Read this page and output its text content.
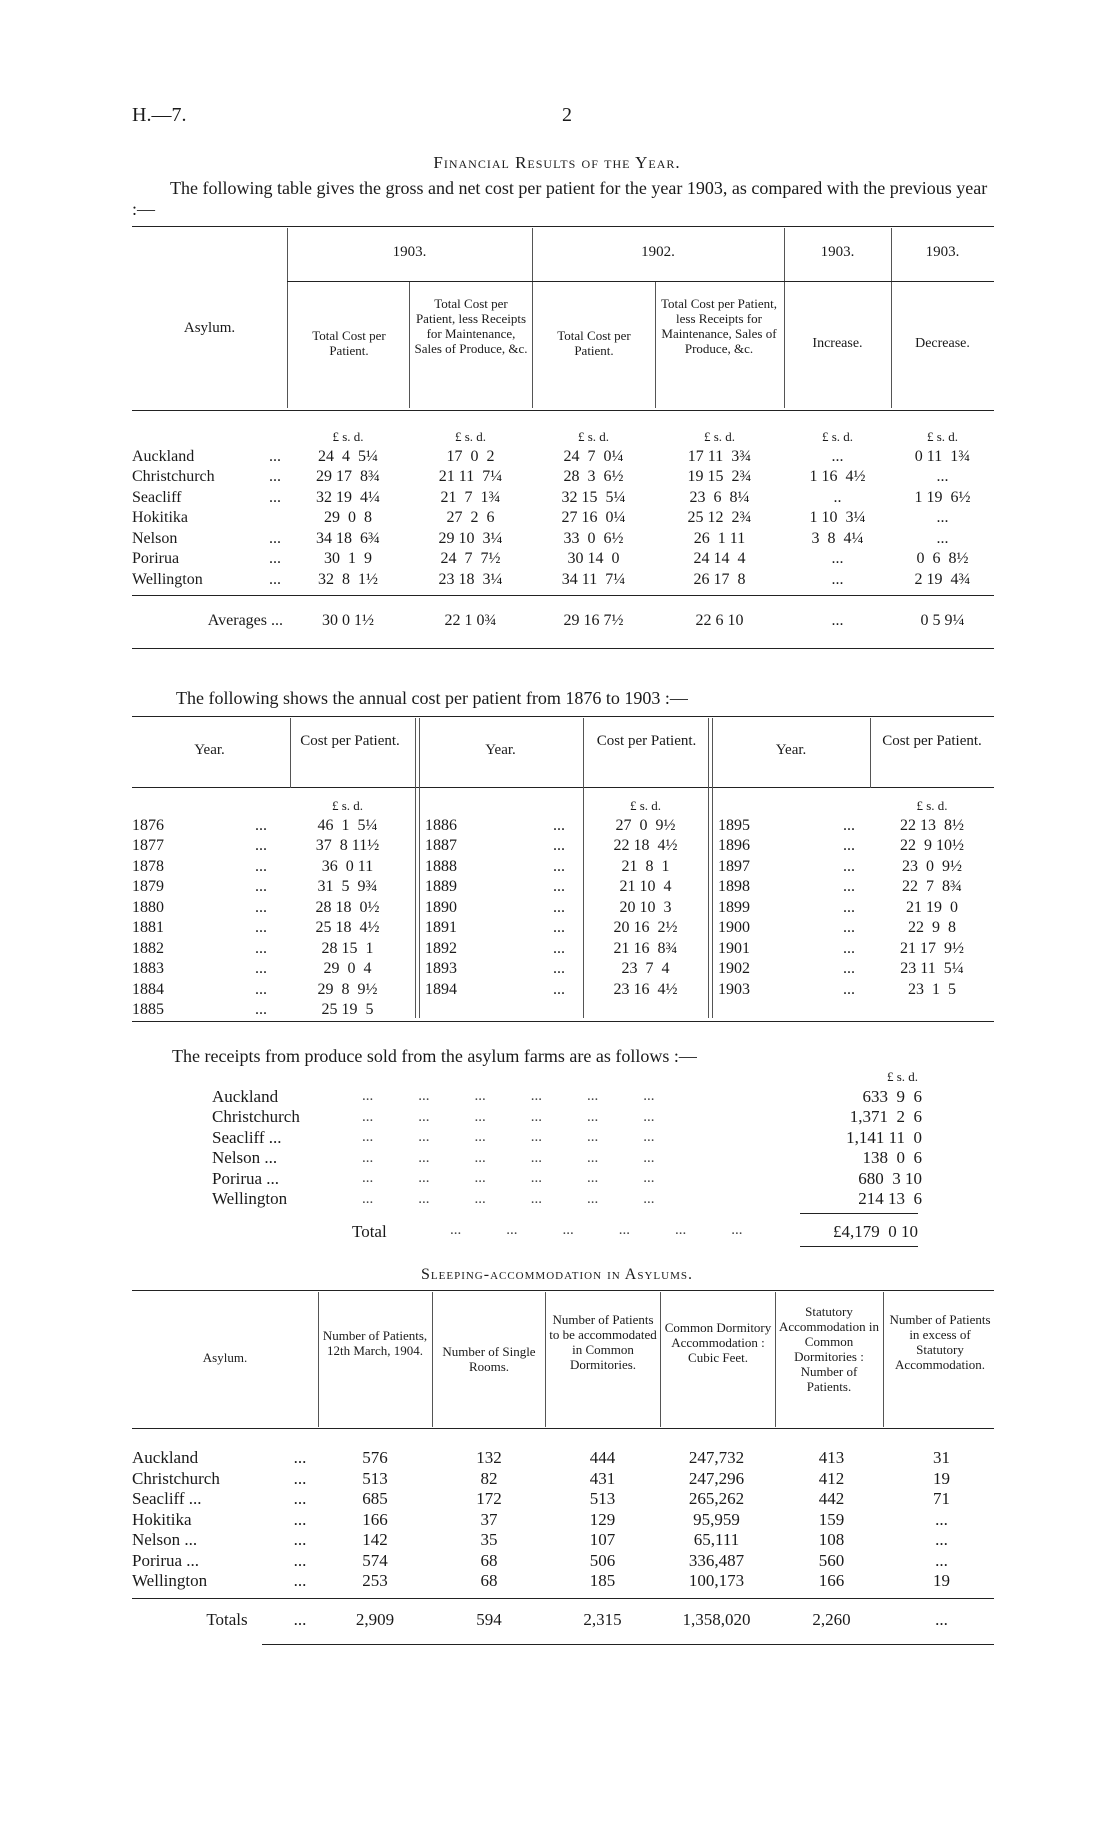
H.—7.	2
Financial Results of the Year.
The following table gives the gross and net cost per patient for the year 1903, as compared with the previous year :—
Asylum.
1903.	1902.	1903.	1903.
Total Cost per Patient.
Total Cost per Patient, less Receipts for Maintenance, Sales of Produce, &c.
Total Cost per Patient.
Total Cost per Patient, less Receipts for Maintenance, Sales of Produce, &c.	Increase.	Decrease.
	£ s. d.	£ s. d.	£ s. d.	£ s. d.	£ s. d.	£ s. d.
Auckland ...	24  4  5¼	17  0  2	24  7  0¼	17 11  3¾	...	0 11  1¾
Christchurch ...	29 17  8¾	21 11  7¼	28  3  6½	19 15  2¾	1 16  4½	...
Seacliff ...	32 19  4¼	21  7  1¾	32 15  5¼	23  6  8¼	..	1 19  6½
Hokitika	29  0  8	27  2  6	27 16  0¼	25 12  2¾	1 10  3¼	...
Nelson ...	34 18  6¾	29 10  3¼	33  0  6½	26  1 11	3  8  4¼	...
Porirua ...	30  1  9	24  7  7½	30 14  0	24 14  4	...	0  6  8½
Wellington ...	32  8  1½	23 18  3¼	34 11  7¼	26 17  8	...	2 19  4¾
Averages ...	30 0 1½	22 1 0¾	29 16 7½	22 6 10	...	0 5 9¼
The following shows the annual cost per patient from 1876 to 1903 :—
Year.
Cost per Patient.
Year.
Cost per Patient.
Year.
Cost per Patient.
		£ s. d.
1876	...	46  1  5¼
1877	...	37  8 11½
1878	...	36  0 11
1879	...	31  5  9¾
1880	...	28 18  0½
1881	...	25 18  4½
1882	...	28 15  1
1883	...	29  0  4
1884	...	29  8  9½
1885	...	25 19  5
		£ s. d.
1886	...	27  0  9½
1887	...	22 18  4½
1888	...	21  8  1
1889	...	21 10  4
1890	...	20 10  3
1891	...	20 16  2½
1892	...	21 16  8¾
1893	...	23  7  4
1894	...	23 16  4½
		£ s. d.
1895	...	22 13  8½
1896	...	22  9 10½
1897	...	23  0  9½
1898	...	22  7  8¾
1899	...	21 19  0
1900	...	22  9  8
1901	...	21 17  9½
1902	...	23 11  5¼
1903	...	23  1  5
The receipts from produce sold from the asylum farms are as follows :—
		£ s. d.
Auckland	...            ...            ...            ...            ...            ...	633  9  6
Christchurch	...            ...            ...            ...            ...            ...	1,371  2  6
Seacliff ...	...            ...            ...            ...            ...            ...	1,141 11  0
Nelson ...	...            ...            ...            ...            ...            ...	138  0  6
Porirua ...	...            ...            ...            ...            ...            ...	680  3 10
Wellington	...            ...            ...            ...            ...            ...	214 13  6
Total	...            ...            ...            ...            ...            ...	£4,179  0 10
Sleeping-accommodation in Asylums.
Asylum.
Number of Patients, 12th March, 1904.	Number of Single Rooms.
Number of Patients to be accommodated in Common Dormitories.
Common Dormitory Accommodation : Cubic Feet.
Statutory Accommodation in Common Dormitories : Number of Patients.
Number of Patients in excess of Statutory Accommodation.
Auckland	...	576	132	444	247,732	413	31
Christchurch	...	513	82	431	247,296	412	19
Seacliff ...	...	685	172	513	265,262	442	71
Hokitika	...	166	37	129	95,959	159	...
Nelson ...	...	142	35	107	65,111	108	...
Porirua ...	...	574	68	506	336,487	560	...
Wellington	...	253	68	185	100,173	166	19
Totals	...	2,909	594	2,315	1,358,020	2,260	...
